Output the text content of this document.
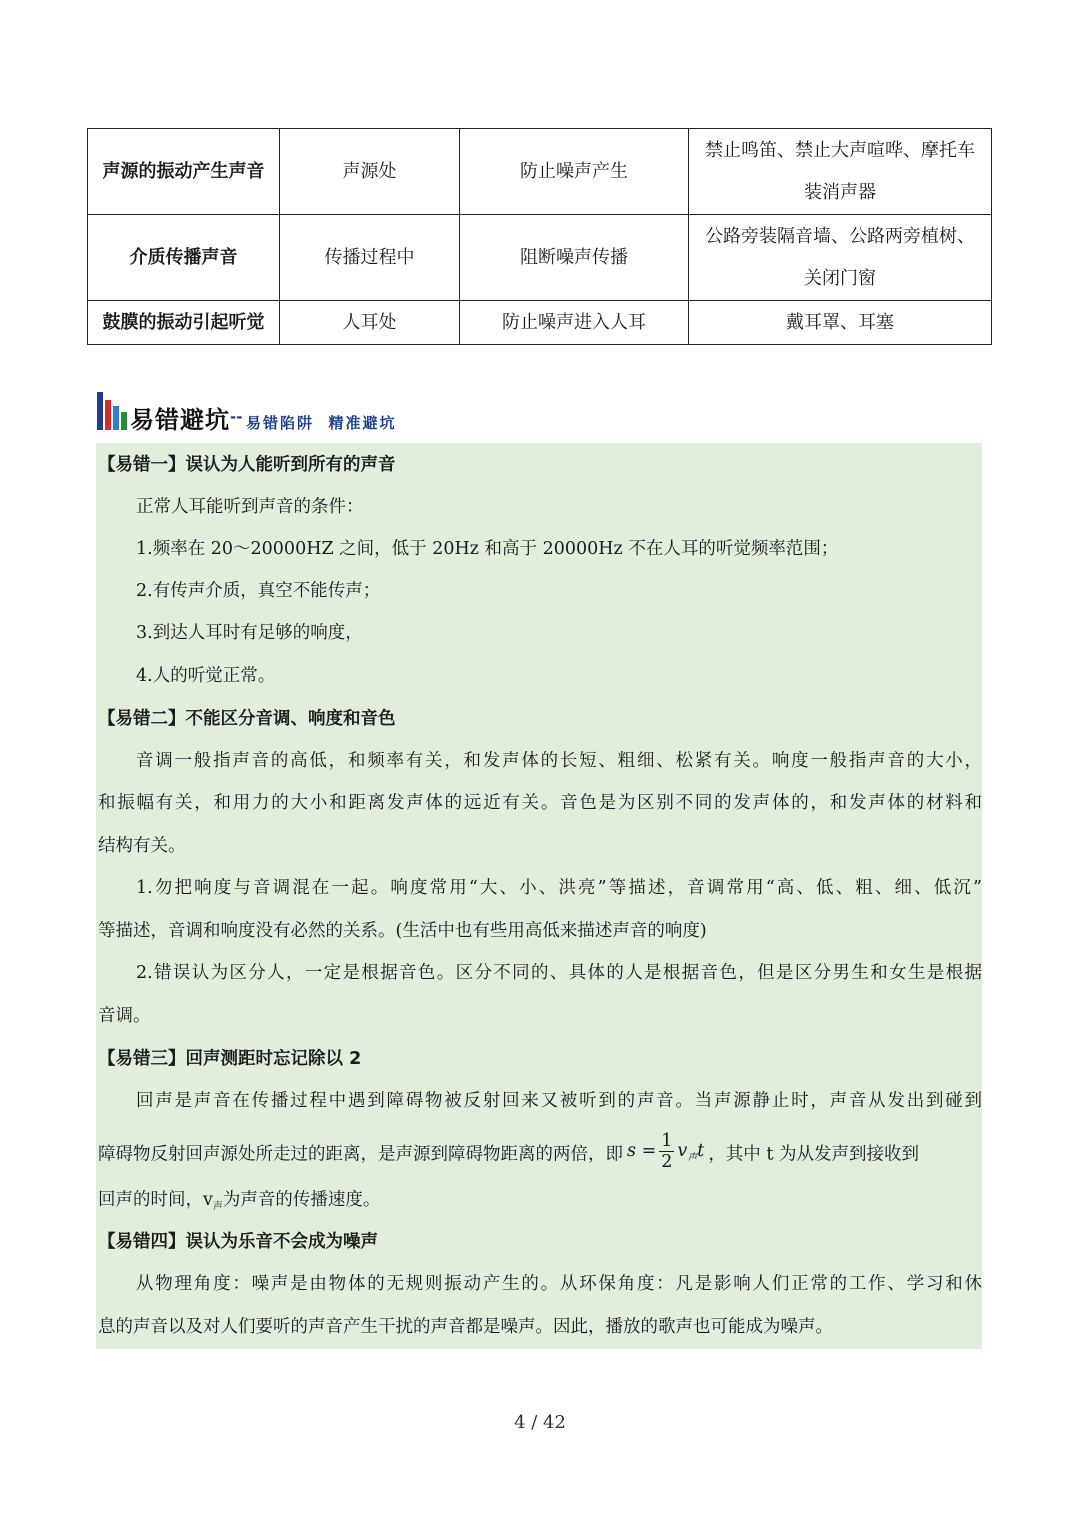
声源的振动产生声音	声源处	防止噪声产生	禁止鸣笛、禁止大声喧哗、摩托车
装消声器
介质传播声音	传播过程中	阻断噪声传播	公路旁装隔音墙、公路两旁植树、
关闭门窗
鼓膜的振动引起听觉	人耳处	防止噪声进入人耳	戴耳罩、耳塞
易错避坑 -- 易错陷阱  精准避坑
【易错一】误认为人能听到所有的声音
正常人耳能听到声音的条件：
1.频率在 20～20000HZ 之间，低于 20Hz 和高于 20000Hz 不在人耳的听觉频率范围；
2.有传声介质，真空不能传声；
3.到达人耳时有足够的响度，
4.人的听觉正常。
【易错二】不能区分音调、响度和音色
音调一般指声音的高低，和频率有关，和发声体的长短、粗细、松紧有关。响度一般指声音的大小，
和振幅有关，和用力的大小和距离发声体的远近有关。音色是为区别不同的发声体的，和发声体的材料和
结构有关。
1.勿把响度与音调混在一起。响度常用“大、小、洪亮”等描述，音调常用“高、低、粗、细、低沉”
等描述，音调和响度没有必然的关系。(生活中也有些用高低来描述声音的响度)
2.错误认为区分人，一定是根据音色。区分不同的、具体的人是根据音色，但是区分男生和女生是根据
音调。
【易错三】回声测距时忘记除以 2
回声是声音在传播过程中遇到障碍物被反射回来又被听到的声音。当声源静止时，声音从发出到碰到
障碍物反射回声源处所走过的距离，是声源到障碍物距离的两倍，即 $s = \frac{1}{2} v_声t$ ，其中 t 为从发声到接收到
回声的时间，$v_声$为声音的传播速度。
【易错四】误认为乐音不会成为噪声
从物理角度：噪声是由物体的无规则振动产生的。从环保角度：凡是影响人们正常的工作、学习和休
息的声音以及对人们要听的声音产生干扰的声音都是噪声。因此，播放的歌声也可能成为噪声。
4 / 42
